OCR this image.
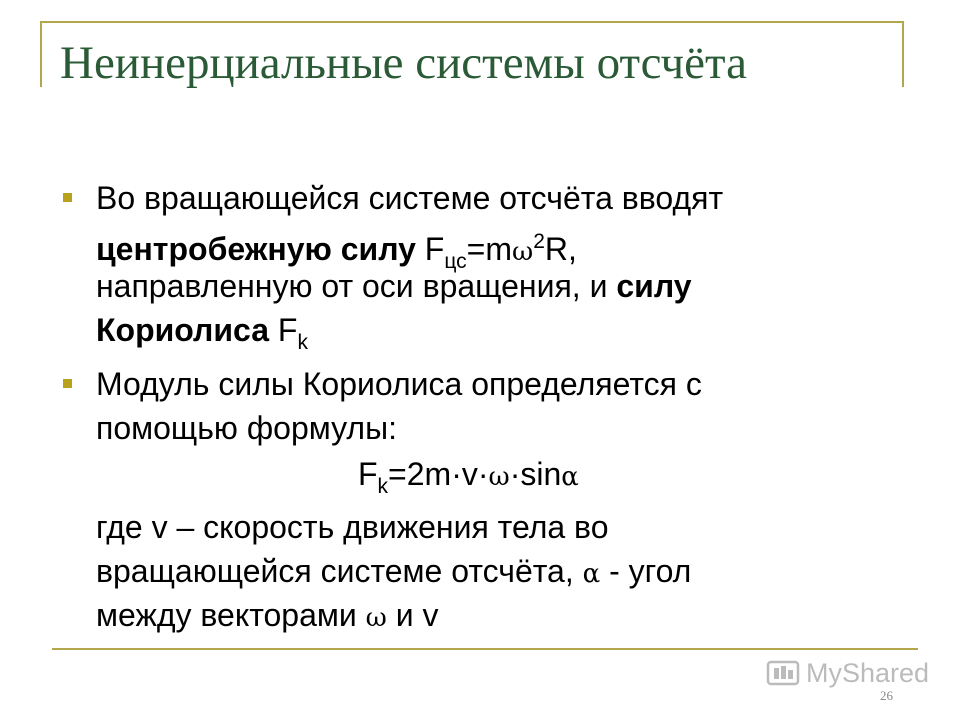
Неинерциальные системы отсчёта
Во вращающейся системе отсчёта вводят
центробежную силу $F_{цс}=m\omega^2R$,
направленную от оси вращения, и силу
Кориолиса $F_k$
Модуль силы Кориолиса определяется с
помощью формулы:
$F_k=2m\cdot v\cdot\omega\cdot\sin\alpha$
где v – скорость движения тела во
вращающейся системе отсчёта, α - угол
между векторами ω и v
MyShared
26
